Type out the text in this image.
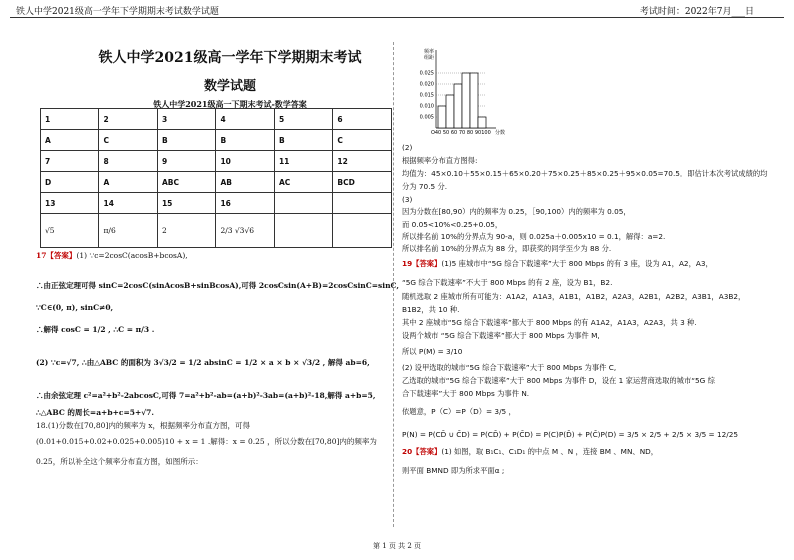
铁人中学2021级高一学年下学期期末考试数学试题	考试时间：2022年7月___日
铁人中学2021级高一学年下学期期末考试
数学试题
铁人中学2021级高一下期末考试-数学答案
1	2	3	4	5	6
A	C	B	B	B	C
7	8	9	10	11	12
D	A	ABC	AB	AC	BCD
13	14	15	16		
√5	π/6	2	2/3 √3√6		
17【答案】(1) ∵c=2cosC(acosB+bcosA),
∴由正弦定理可得 sinC=2cosC(sinAcosB+sinBcosA),可得 2cosCsin(A+B)=2cosCsinC=sinC,
∵C∈(0, π), sinC≠0,
∴解得 cosC = 1/2 , ∴C = π/3 .
(2) ∵c=√7, ∴由△ABC 的面积为 3√3/2 = 1/2 absinC = 1/2 × a × b × √3/2 , 解得 ab=6,
∴由余弦定理 c²=a²+b²-2abcosC,可得 7=a²+b²-ab=(a+b)²-3ab=(a+b)²-18,解得 a+b=5,
∴△ABC 的周长=a+b+c=5+√7.
18.(1)分数在[70,80]内的频率为 x，根据频率分布直方图，可得
(0.01+0.015+0.02+0.025+0.005)10 + x = 1 .解得：x = 0.25 ，所以分数在[70,80]内的频率为
0.25，所以补全这个频率分布直方图，如图所示：
频率
组距
0.025
0.020
0.015
0.010
0.005
40 50 60 70 80 90 100 分数
O
(2)
根据频率分布直方图得:
均值为：45×0.10＋55×0.15＋65×0.20＋75×0.25＋85×0.25＋95×0.05=70.5．即估计本次考试成绩的均
分为 70.5 分.
(3)
因为分数在[80,90）内的频率为 0.25，［90,100）内的频率为 0.05，
而 0.05<10%<0.25+0.05，
所以排名前 10%的分界点为 90-a，则 0.025a＋0.005x10 = 0.1，解得：a=2.
所以排名前 10%的分界点为 88 分，即获奖的同学至少为 88 分.
19【答案】(1)5 座城市中“5G 综合下载速率”大于 800 Mbps 的有 3 座，设为 A1，A2，A3，
“5G 综合下载速率”不大于 800 Mbps 的有 2 座，设为 B1，B2.
随机选取 2 座城市所有可能为：A1A2，A1A3，A1B1，A1B2，A2A3，A2B1，A2B2，A3B1，A3B2，
B1B2，共 10 种.
其中 2 座城市“5G 综合下载速率”都大于 800 Mbps 的有 A1A2，A1A3，A2A3，共 3 种.
设两个城市 “5G 综合下载速率”都大于 800 Mbps 为事件 M,
所以 P(M) = 3/10
(2) 设甲选取的城市“5G 综合下载速率”大于 800 Mbps 为事件 C,
乙选取的城市“5G 综合下载速率”大于 800 Mbps 为事件 D，设在 1 家运营商选取的城市“5G 综
合下载速率”大于 800 Mbps 为事件 N.
依题意，P（C）=P（D）= 3/5 ，
P(N) = P(CD̄ ∪ C̄D) = P(CD̄) + P(C̄D) = P(C)P(D̄) + P(C̄)P(D) = 3/5 × 2/5 + 2/5 × 3/5 = 12/25
20【答案】(1) 如图，取 B₁C₁、C₁D₁ 的中点 M 、N ，连接 BM 、MN、ND，
则平面 BMND 即为所求平面α ;
第 1 页 共 2 页
